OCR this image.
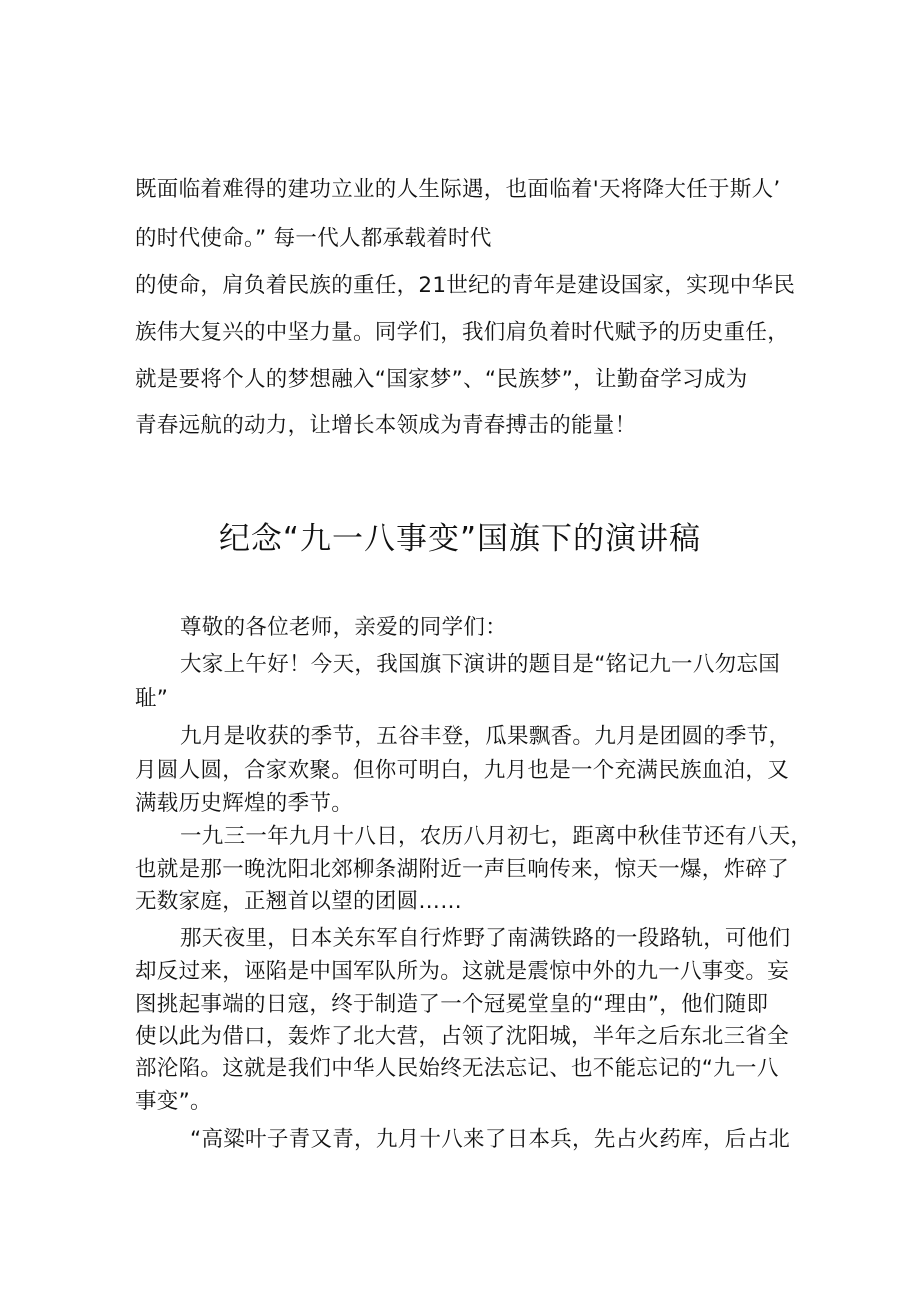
既面临着难得的建功立业的人生际遇，也面临着'天将降大任于斯人’
的时代使命。” 每一代人都承载着时代
的使命，肩负着民族的重任，21世纪的青年是建设国家，实现中华民
族伟大复兴的中坚力量。同学们，我们肩负着时代赋予的历史重任，
就是要将个人的梦想融入“国家梦”、“民族梦”，让勤奋学习成为
青春远航的动力，让增长本领成为青春搏击的能量！
纪念“九一八事变”国旗下的演讲稿
尊敬的各位老师，亲爱的同学们：
大家上午好！今天，我国旗下演讲的题目是“铭记九一八勿忘国
耻”
九月是收获的季节，五谷丰登，瓜果飘香。九月是团圆的季节，
月圆人圆，合家欢聚。但你可明白，九月也是一个充满民族血泊，又
满载历史辉煌的季节。
一九三一年九月十八日，农历八月初七，距离中秋佳节还有八天，
也就是那一晚沈阳北郊柳条湖附近一声巨响传来，惊天一爆，炸碎了
无数家庭，正翘首以望的团圆……
那天夜里，日本关东军自行炸野了南满铁路的一段路轨，可他们
却反过来，诬陷是中国军队所为。这就是震惊中外的九一八事变。妄
图挑起事端的日寇，终于制造了一个冠冕堂皇的“理由”，他们随即
使以此为借口，轰炸了北大营，占领了沈阳城，半年之后东北三省全
部沦陷。这就是我们中华人民始终无法忘记、也不能忘记的“九一八
事变”。
“高粱叶子青又青，九月十八来了日本兵，先占火药库，后占北
